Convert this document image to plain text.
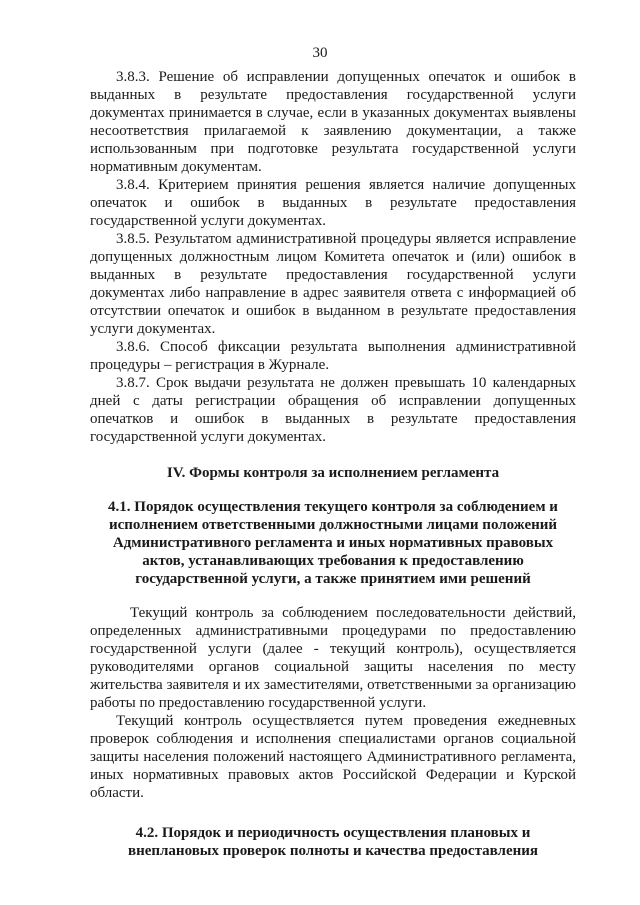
30

3.8.3. Решение об исправлении допущенных опечаток и ошибок в выданных в результате предоставления государственной услуги документах принимается в случае, если в указанных документах выявлены несоответствия прилагаемой к заявлению документации, а также использованным при подготовке результата государственной услуги нормативным документам.

3.8.4. Критерием принятия решения является наличие допущенных опечаток и ошибок в выданных в результате предоставления государственной услуги документах.

3.8.5. Результатом административной процедуры является исправление допущенных должностным лицом Комитета опечаток и (или) ошибок в выданных в результате предоставления государственной услуги документах либо направление в адрес заявителя ответа с информацией об отсутствии опечаток и ошибок в выданном в результате предоставления услуги документах.

3.8.6. Способ фиксации результата выполнения административной процедуры – регистрация в Журнале.

3.8.7. Срок выдачи результата не должен превышать 10 календарных дней с даты регистрации обращения об исправлении допущенных опечатков и ошибок в выданных в результате предоставления государственной услуги документах.

IV. Формы контроля за исполнением регламента
4.1. Порядок осуществления текущего контроля за соблюдением и исполнением ответственными должностными лицами положений Административного регламента и иных нормативных правовых актов, устанавливающих требования к предоставлению государственной услуги, а также принятием ими решений

Текущий контроль за соблюдением последовательности действий, определенных административными процедурами по предоставлению государственной услуги (далее - текущий контроль), осуществляется руководителями органов социальной защиты населения по месту жительства заявителя и их заместителями, ответственными за организацию работы по предоставлению государственной услуги.

Текущий контроль осуществляется путем проведения ежедневных проверок соблюдения и исполнения специалистами органов социальной защиты населения положений настоящего Административного регламента, иных нормативных правовых актов Российской Федерации и Курской области.

4.2. Порядок и периодичность осуществления плановых и внеплановых проверок полноты и качества предоставления
